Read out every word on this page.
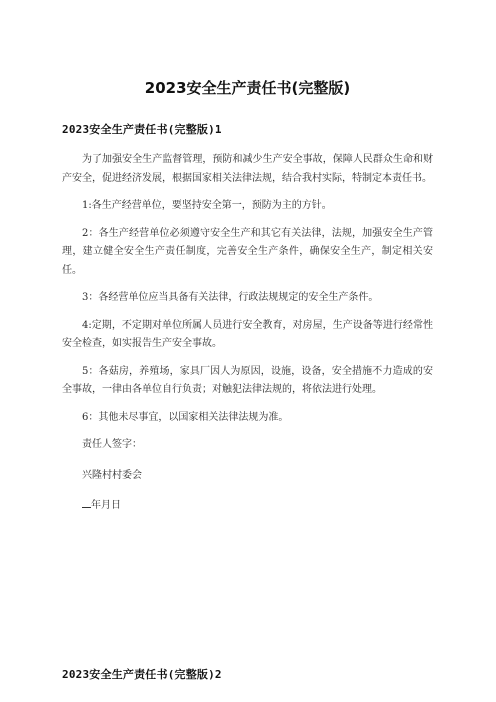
2023安全生产责任书(完整版)
2023安全生产责任书(完整版)1

为了加强安全生产监督管理，预防和减少生产安全事故，保障人民群众生命和财产安全，促进经济发展，根据国家相关法律法规，结合我村实际，特制定本责任书。

1:各生产经营单位，要坚持安全第一，预防为主的方针。

2：各生产经营单位必须遵守安全生产和其它有关法律，法规，加强安全生产管理，建立健全安全生产责任制度，完善安全生产条件，确保安全生产，制定相关安任。

3：各经营单位应当具备有关法律，行政法规规定的安全生产条件。

4:定期，不定期对单位所属人员进行安全教育，对房屋，生产设备等进行经常性安全检查，如实报告生产安全事故。

5：各菇房，养殖场，家具厂因人为原因，设施，设备，安全措施不力造成的安全事故，一律由各单位自行负责；对触犯法律法规的，将依法进行处理。

6：其他未尽事宜，以国家相关法律法规为准。

责任人签字：

兴隆村村委会

年月日

2023安全生产责任书(完整版)2
